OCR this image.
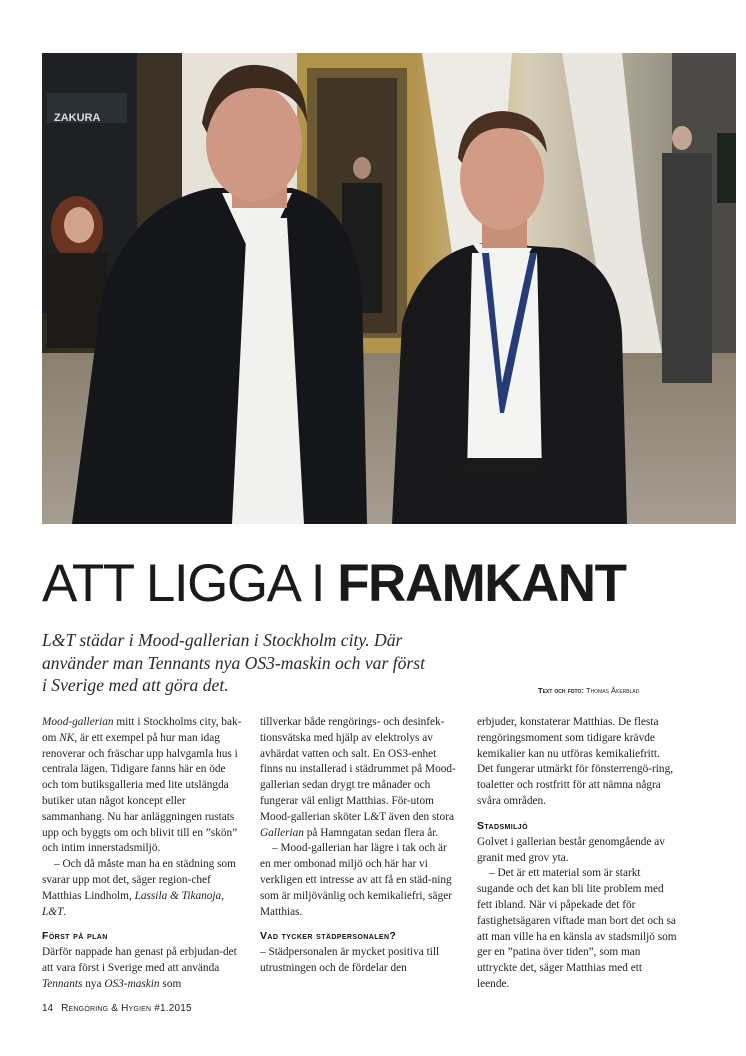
ZAKURA
ATT LIGGA I FRAMKANT
L&T städar i Mood-gallerian i Stockholm city. Där
använder man Tennants nya OS3-maskin och var först
i Sverige med att göra det.	Text och foto: Thomas Åkerblad

Mood-gallerian mitt i Stockholms city, bak-om NK, är ett exempel på hur man idag renoverar och fräschar upp halvgamla hus i centrala lägen. Tidigare fanns här en öde och tom butiksgalleria med lite utslängda butiker utan något koncept eller sammanhang. Nu har anläggningen rustats upp och byggts om och blivit till en ”skön” och intim innerstadsmiljö.

– Och då måste man ha en städning som svarar upp mot det, säger region-chef Matthias Lindholm, Lassila & Tikanoja, L&T.

Först på plan

Därför nappade han genast på erbjudan-det att vara först i Sverige med att använda Tennants nya OS3-maskin som

tillverkar både rengörings- och desinfek-tionsvätska med hjälp av elektrolys av avhärdat vatten och salt. En OS3-enhet finns nu installerad i städrummet på Mood-gallerian sedan drygt tre månader och fungerar väl enligt Matthias. För-utom Mood-gallerian sköter L&T även den stora Gallerian på Hamngatan sedan flera år.

– Mood-gallerian har lägre i tak och är en mer ombonad miljö och här har vi verkligen ett intresse av att få en städ-ning som är miljövänlig och kemikaliefri, säger Matthias.

Vad tycker städpersonalen?

– Städpersonalen är mycket positiva till utrustningen och de fördelar den

erbjuder, konstaterar Matthias. De flesta rengöringsmoment som tidigare krävde kemikalier kan nu utföras kemikaliefritt. Det fungerar utmärkt för fönsterrengö-ring, toaletter och rostfritt för att nämna några svåra områden.

Stadsmiljö

Golvet i gallerian består genomgående av granit med grov yta.

– Det är ett material som är starkt sugande och det kan bli lite problem med fett ibland. När vi påpekade det för fastighetsägaren viftade man bort det och sa att man ville ha en känsla av stadsmiljö som ger en ”patina över tiden”, som man uttryckte det, säger Matthias med ett leende.

14 Rengöring & Hygien #1.2015
